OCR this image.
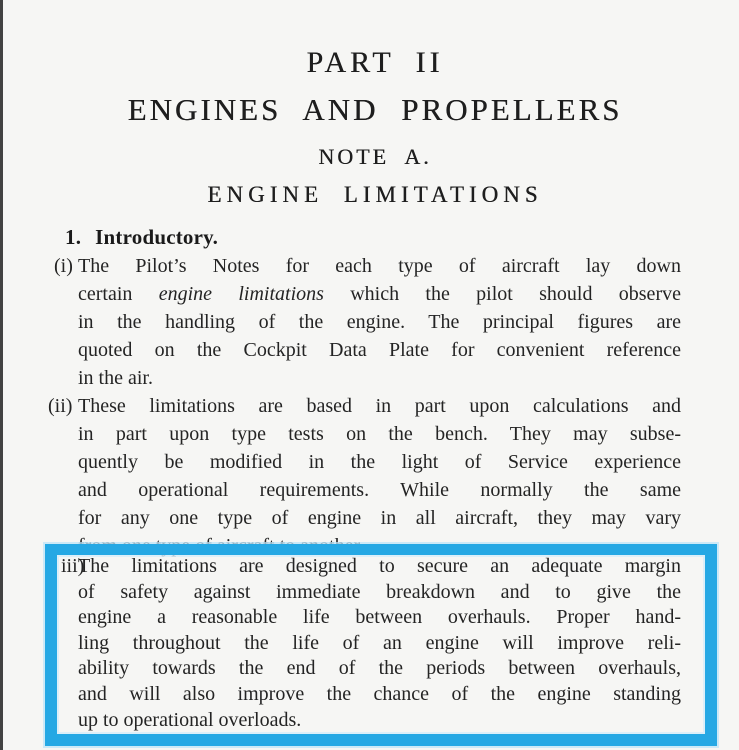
PART II
ENGINES AND PROPELLERS
NOTE A.
ENGINE LIMITATIONS
1. Introductory.
(i) The Pilot’s Notes for each type of aircraft lay down
certain engine limitations which the pilot should observe
in the handling of the engine. The principal figures are
quoted on the Cockpit Data Plate for convenient reference
in the air.
(ii) These limitations are based in part upon calculations and
in part upon type tests on the bench. They may subse-
quently be modified in the light of Service experience
and operational requirements. While normally the same
for any one type of engine in all aircraft, they may vary
from one type of aircraft to another.
iii)
The limitations are designed to secure an adequate margin
of safety against immediate breakdown and to give the
engine a reasonable life between overhauls. Proper hand-
ling throughout the life of an engine will improve reli-
ability towards the end of the periods between overhauls,
and will also improve the chance of the engine standing
up to operational overloads.
